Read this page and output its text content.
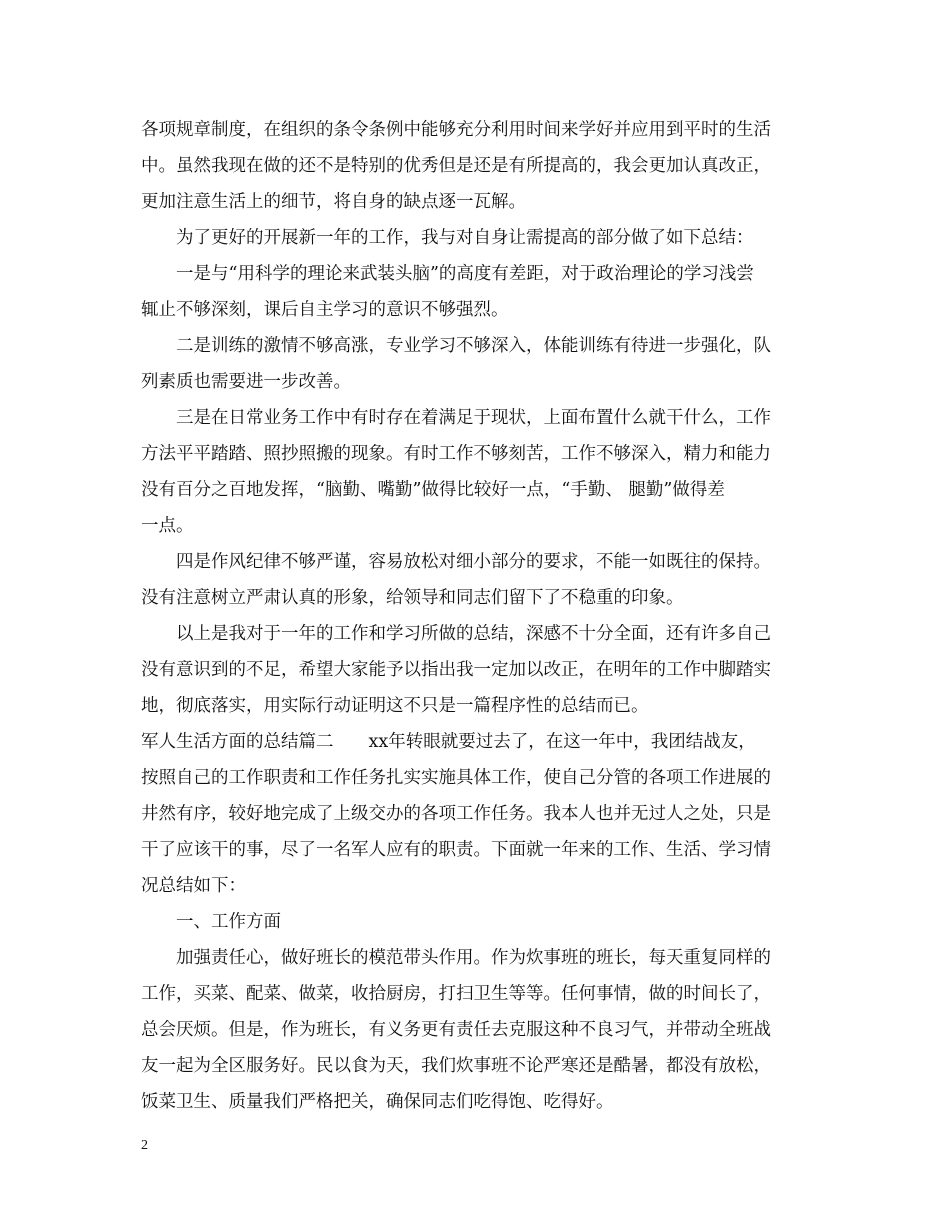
各项规章制度，在组织的条令条例中能够充分利用时间来学好并应用到平时的生活
中。虽然我现在做的还不是特别的优秀但是还是有所提高的，我会更加认真改正，
更加注意生活上的细节，将自身的缺点逐一瓦解。
为了更好的开展新一年的工作，我与对自身让需提高的部分做了如下总结：
一是与“用科学的理论来武装头脑”的高度有差距，对于政治理论的学习浅尝
辄止不够深刻，课后自主学习的意识不够强烈。
二是训练的激情不够高涨，专业学习不够深入，体能训练有待进一步强化，队
列素质也需要进一步改善。
三是在日常业务工作中有时存在着满足于现状，上面布置什么就干什么，工作
方法平平踏踏、照抄照搬的现象。有时工作不够刻苦，工作不够深入，精力和能力
没有百分之百地发挥，“脑勤、嘴勤”做得比较好一点，“手勤、 腿勤”做得差
一点。
四是作风纪律不够严谨，容易放松对细小部分的要求，不能一如既往的保持。
没有注意树立严肃认真的形象，给领导和同志们留下了不稳重的印象。
以上是我对于一年的工作和学习所做的总结，深感不十分全面，还有许多自己
没有意识到的不足，希望大家能予以指出我一定加以改正，在明年的工作中脚踏实
地，彻底落实，用实际行动证明这不只是一篇程序性的总结而已。
军人生活方面的总结篇二　　xx年转眼就要过去了，在这一年中，我团结战友，
按照自己的工作职责和工作任务扎实实施具体工作，使自己分管的各项工作进展的
井然有序，较好地完成了上级交办的各项工作任务。我本人也并无过人之处，只是
干了应该干的事，尽了一名军人应有的职责。下面就一年来的工作、生活、学习情
况总结如下：
一、工作方面
加强责任心，做好班长的模范带头作用。作为炊事班的班长，每天重复同样的
工作，买菜、配菜、做菜，收拾厨房，打扫卫生等等。任何事情，做的时间长了，
总会厌烦。但是，作为班长，有义务更有责任去克服这种不良习气，并带动全班战
友一起为全区服务好。民以食为天，我们炊事班不论严寒还是酷暑，都没有放松，
饭菜卫生、质量我们严格把关，确保同志们吃得饱、吃得好。
2
